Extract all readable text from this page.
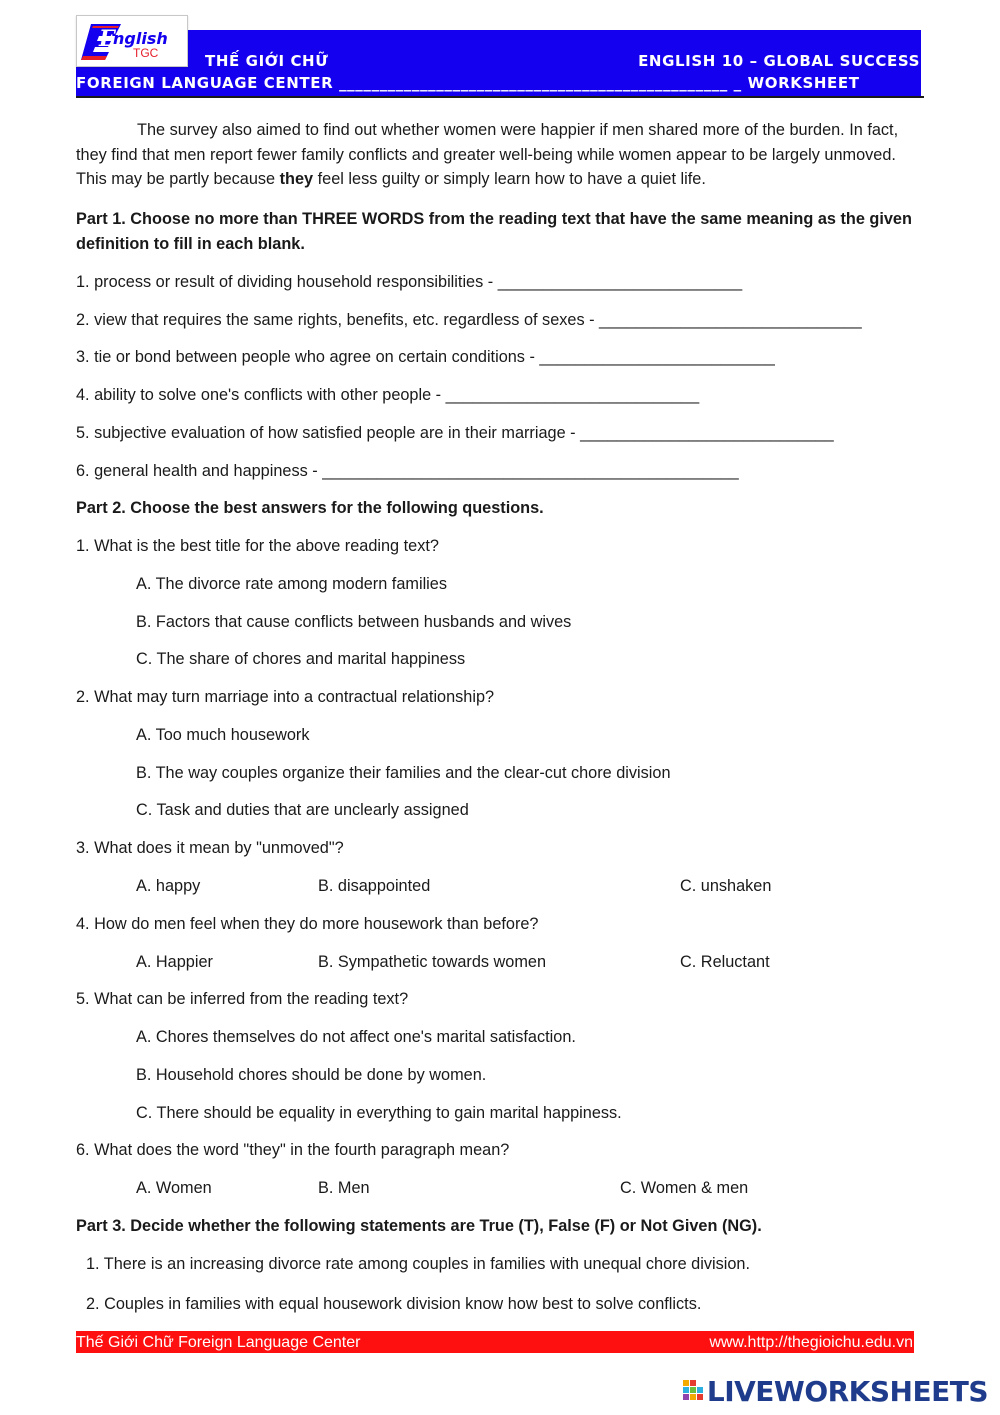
E
nglish
TGC	THẾ GIỚI CHỮ	ENGLISH 10 – GLOBAL SUCCESS
FOREIGN LANGUAGE CENTER ________________________________________________ _ WORKSHEET

The survey also aimed to find out whether women were happier if men shared more of the burden. In fact, they find that men report fewer family conflicts and greater well-being while women appear to be largely unmoved. This may be partly because they feel less guilty or simply learn how to have a quiet life.

Part 1. Choose no more than THREE WORDS from the reading text that have the same meaning as the given definition to fill in each blank.
1. process or result of dividing household responsibilities - ___________________________
2. view that requires the same rights, benefits, etc. regardless of sexes - _____________________________
3. tie or bond between people who agree on certain conditions - __________________________
4. ability to solve one's conflicts with other people - ____________________________
5. subjective evaluation of how satisfied people are in their marriage - ____________________________
6. general health and happiness - ______________________________________________
Part 2. Choose the best answers for the following questions.
1. What is the best title for the above reading text?
A. The divorce rate among modern families
B. Factors that cause conflicts between husbands and wives
C. The share of chores and marital happiness
2. What may turn marriage into a contractual relationship?
A. Too much housework
B. The way couples organize their families and the clear-cut chore division
C. Task and duties that are unclearly assigned
3. What does it mean by "unmoved"?
A. happy	B. disappointed	C. unshaken
4. How do men feel when they do more housework than before?
A. Happier	B. Sympathetic towards women	C. Reluctant
5. What can be inferred from the reading text?
A. Chores themselves do not affect one's marital satisfaction.
B. Household chores should be done by women.
C. There should be equality in everything to gain marital happiness.
6. What does the word "they" in the fourth paragraph mean?
A. Women	B. Men	C. Women & men
Part 3. Decide whether the following statements are True (T), False (F) or Not Given (NG).
1. There is an increasing divorce rate among couples in families with unequal chore division.
2. Couples in families with equal housework division know how best to solve conflicts.
Thế Giới Chữ Foreign Language Center	www.http://thegioichu.edu.vn
LIVEWORKSHEETS
